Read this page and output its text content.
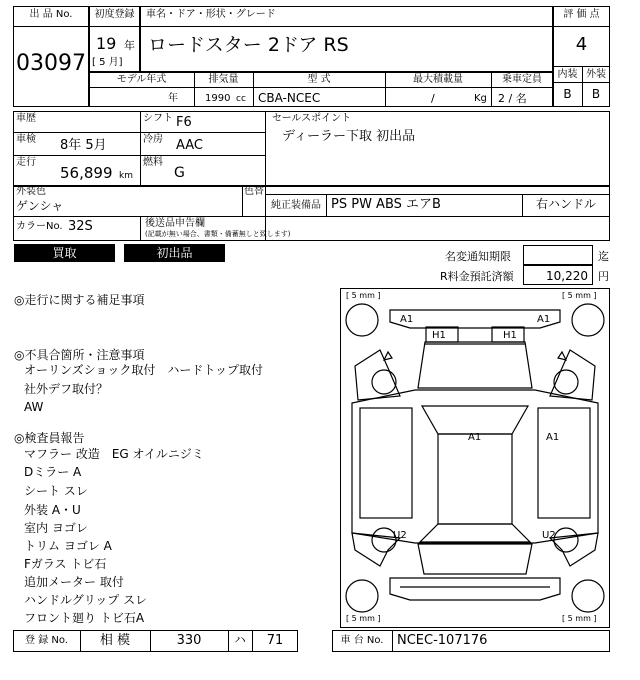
出 品 No.
03097
初度登録
19 年
[ 5 月]
車名・ドア・形状・グレード
ロードスター 2ドア RS
評 価 点
4
内装 外装
B	B
モデル年式
年
排気量
1990 cc
型 式
CBA-NCEC
最大積載量
/	Kg
乗車定員
2 / 名
車歴
車検 8年 5月
走行
56,899 km
シフト F6
冷房 AAC
燃料
G
セールスポイント
ディーラー下取 初出品
外装色
ゲンシャ
色替
カラーNo. 32S	後送品申告欄
(記載が無い場合、書類・備蓄無しと致します)
純正装備品 PS PW ABS エアB	右ハンドル
買取	初出品	名変通知期限	迄
R料金預託済額	10,220 円
◎走行に関する補足事項
◎不具合箇所・注意事項
オーリンズショック取付　ハードトップ取付
社外デフ取付？
AW
◎検査員報告
マフラー 改造　EG オイルニジミ
Dミラー A
シート スレ
外装 A・U
室内 ヨゴレ
トリム ヨゴレ A
Fガラス トビ石
追加メーター 取付
ハンドルグリップ スレ
フロント廻り トビ石A
[ 5 mm ]	[ 5 mm ]
[ 5 mm ]	[ 5 mm ]
A1	A1
H1	H1
A1	A1
U2	U2
登 録 No.	相 模	330	ハ	71	車 台 No.	NCEC-107176
